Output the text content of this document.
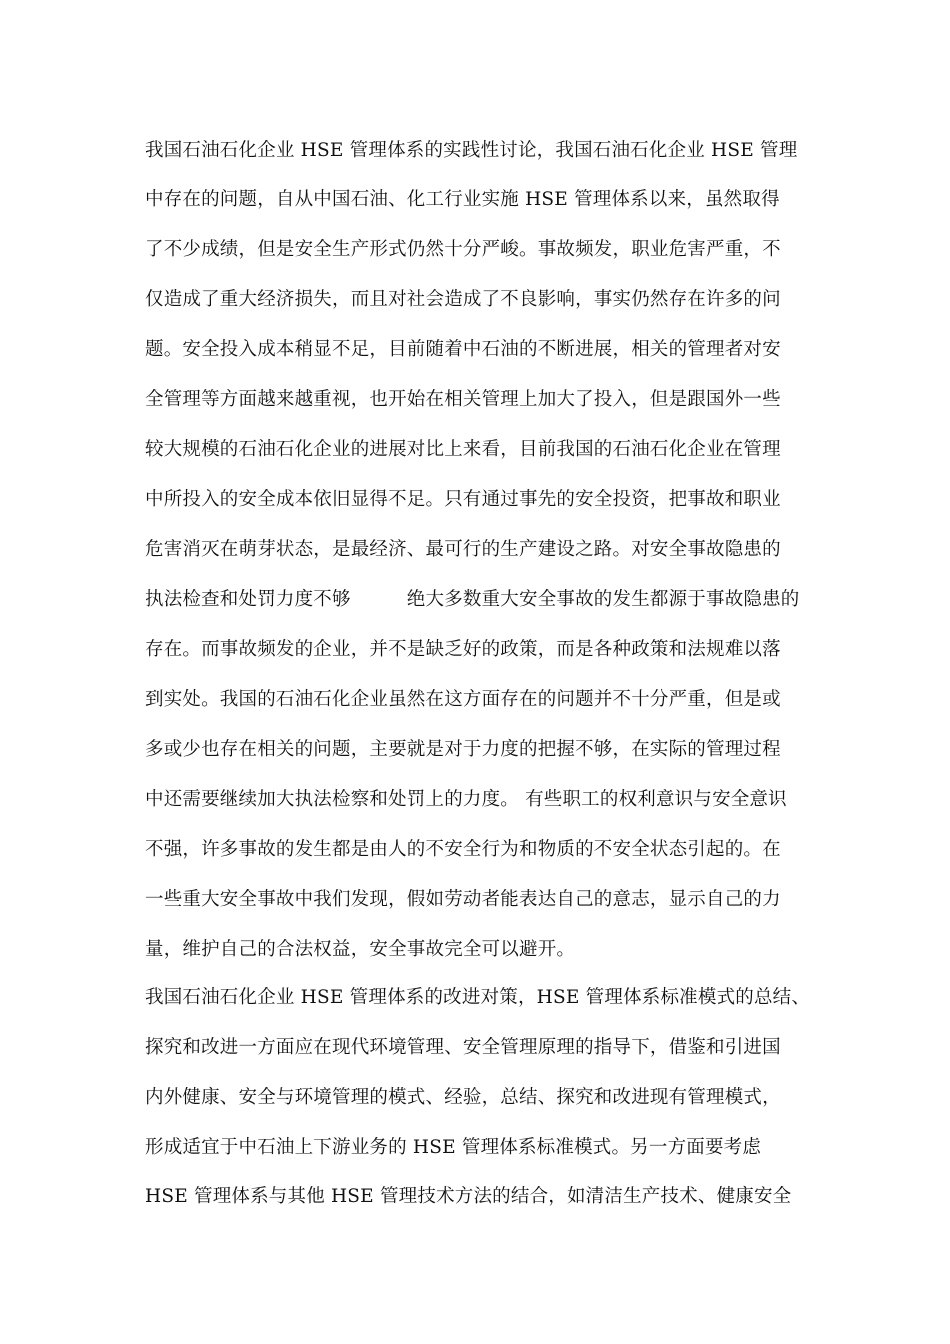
我国石油石化企业 HSE 管理体系的实践性讨论，我国石油石化企业 HSE 管理
中存在的问题，自从中国石油、化工行业实施 HSE 管理体系以来，虽然取得
了不少成绩，但是安全生产形式仍然十分严峻。事故频发，职业危害严重，不
仅造成了重大经济损失，而且对社会造成了不良影响，事实仍然存在许多的问
题。安全投入成本稍显不足，目前随着中石油的不断进展，相关的管理者对安
全管理等方面越来越重视，也开始在相关管理上加大了投入，但是跟国外一些
较大规模的石油石化企业的进展对比上来看，目前我国的石油石化企业在管理
中所投入的安全成本依旧显得不足。只有通过事先的安全投资，把事故和职业
危害消灭在萌芽状态，是最经济、最可行的生产建设之路。对安全事故隐患的
执法检查和处罚力度不够　　　绝大多数重大安全事故的发生都源于事故隐患的
存在。而事故频发的企业，并不是缺乏好的政策，而是各种政策和法规难以落
到实处。我国的石油石化企业虽然在这方面存在的问题并不十分严重，但是或
多或少也存在相关的问题，主要就是对于力度的把握不够，在实际的管理过程
中还需要继续加大执法检察和处罚上的力度。 有些职工的权利意识与安全意识
不强，许多事故的发生都是由人的不安全行为和物质的不安全状态引起的。在
一些重大安全事故中我们发现，假如劳动者能表达自己的意志，显示自己的力
量，维护自己的合法权益，安全事故完全可以避开。
我国石油石化企业 HSE 管理体系的改进对策，HSE 管理体系标准模式的总结、
探究和改进一方面应在现代环境管理、安全管理原理的指导下，借鉴和引进国
内外健康、安全与环境管理的模式、经验，总结、探究和改进现有管理模式，
形成适宜于中石油上下游业务的 HSE 管理体系标准模式。另一方面要考虑
HSE 管理体系与其他 HSE 管理技术方法的结合，如清洁生产技术、健康安全
